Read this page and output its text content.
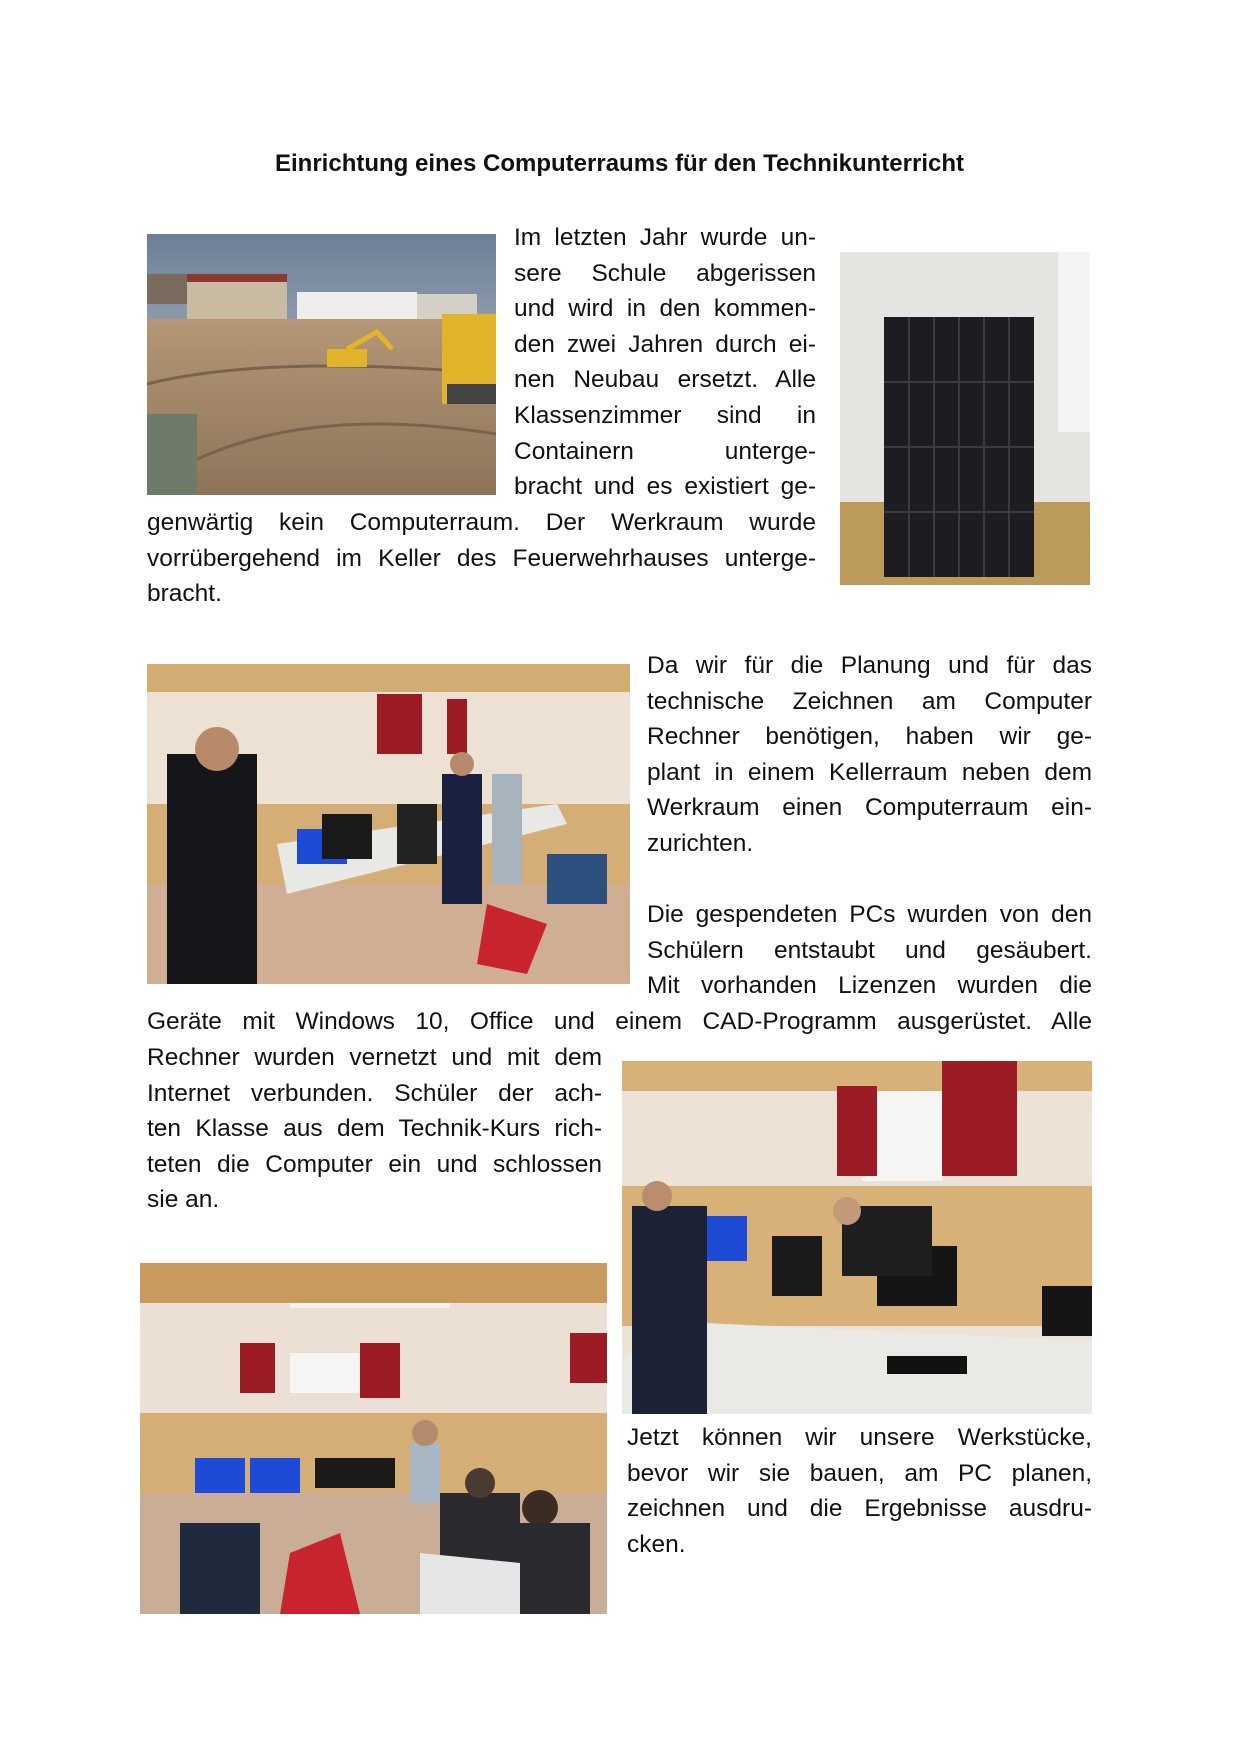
Einrichtung eines Computerraums für den Technikunterricht
Im letzten Jahr wurde un-
sere Schule abgerissen
und wird in den kommen-
den zwei Jahren durch ei-
nen Neubau ersetzt. Alle
Klassenzimmer sind in
Containern unterge-
bracht und es existiert ge-
genwärtig kein Computerraum. Der Werkraum wurde
vorrübergehend im Keller des Feuerwehrhauses unterge-
bracht.
Da wir für die Planung und für das
technische Zeichnen am Computer
Rechner benötigen, haben wir ge-
plant in einem Kellerraum neben dem
Werkraum einen Computerraum ein-
zurichten.
Die gespendeten PCs wurden von den
Schülern entstaubt und gesäubert.
Mit vorhanden Lizenzen wurden die
Geräte mit Windows 10, Office und einem CAD-Programm ausgerüstet. Alle
Rechner wurden vernetzt und mit dem
Internet verbunden. Schüler der ach-
ten Klasse aus dem Technik-Kurs rich-
teten die Computer ein und schlossen
sie an.
Jetzt können wir unsere Werkstücke,
bevor wir sie bauen, am PC planen,
zeichnen und die Ergebnisse ausdru-
cken.
